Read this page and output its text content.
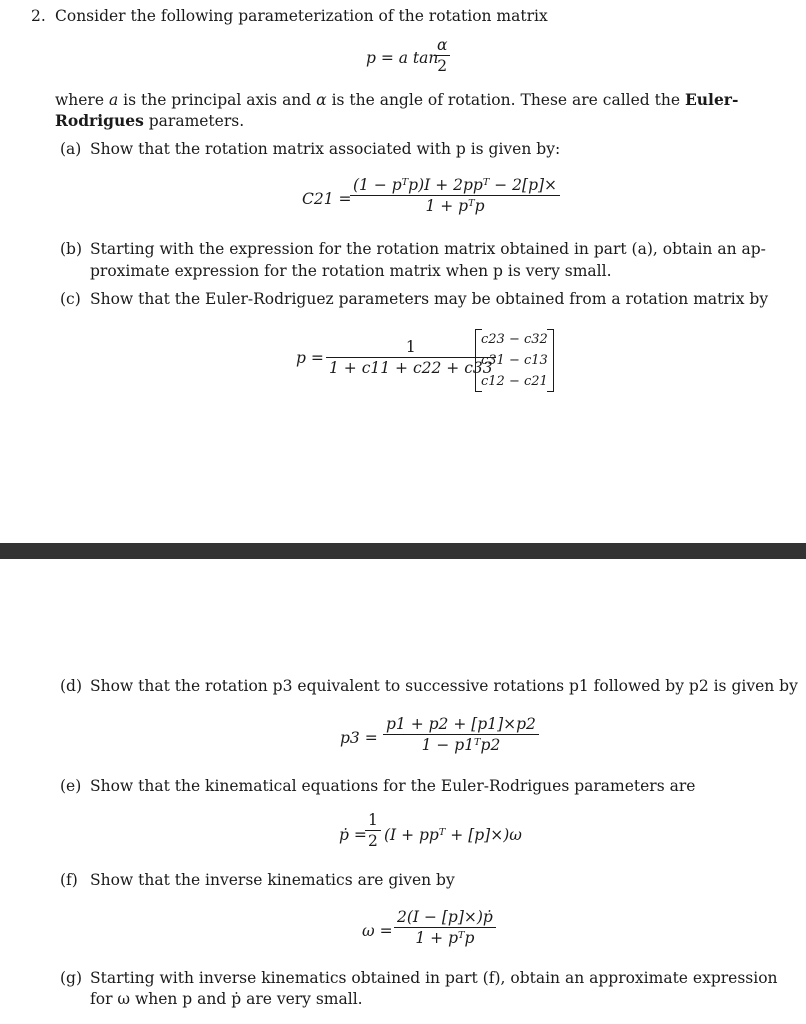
2. Consider the following parameterization of the rotation matrix
p = a tan
α
2
where a is the principal axis and α is the angle of rotation. These are called the Euler-
Rodrigues parameters.
(a) Show that the rotation matrix associated with p is given by:
C21 =
(1 − pᵀp)I + 2ppᵀ − 2[p]×
1 + pᵀp
(b) Starting with the expression for the rotation matrix obtained in part (a), obtain an ap-
proximate expression for the rotation matrix when p is very small.
(c) Show that the Euler-Rodriguez parameters may be obtained from a rotation matrix by
p =
1
1 + c11 + c22 + c33
c23 − c32
c31 − c13
c12 − c21
(d) Show that the rotation p3 equivalent to successive rotations p1 followed by p2 is given by
p3 =
p1 + p2 + [p1]×p2
1 − p1ᵀp2
(e) Show that the kinematical equations for the Euler-Rodrigues parameters are
ṗ =
1
2 (I + ppᵀ + [p]×)ω
(f) Show that the inverse kinematics are given by
ω =
2(I − [p]×)ṗ
1 + pᵀp
(g) Starting with inverse kinematics obtained in part (f), obtain an approximate expression
for ω when p and ṗ are very small.
